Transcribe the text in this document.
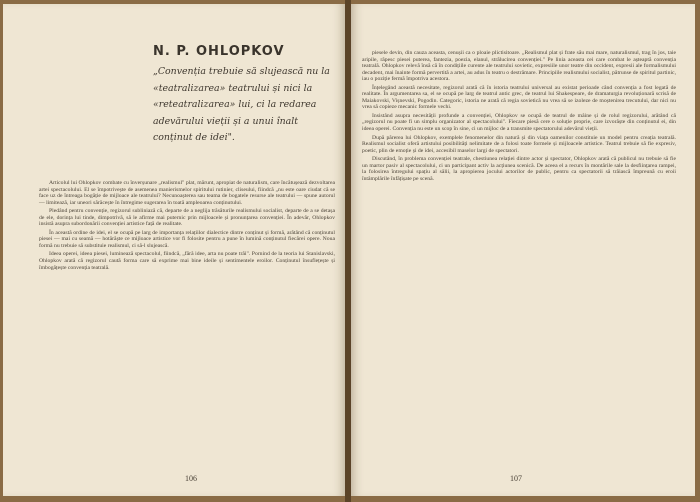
N. P. OHLOPKOV
„Convenția trebuie să slujească nu la «teatralizarea» teatrului și nici la «reteatralizarea» lui, ci la redarea adevărului vieții și a unui înalt conținut de idei".

Articolul lui Ohlopkov combate cu înverșunare „realismul" plat, mărunt, apropiat de naturalism, care încătușează dezvoltarea artei spectacolului. El se împotrivește de asemenea manierismelor spiritului rutinier, cliseului, fiindcă „nu este oare ciudat că se face uz de întreaga bogăție de mijloace ale teatrului? Necunoașterea sau teama de bogatele resurse ale teatrului — spune autorul — limitează, iar uneori sărăcește în întregime sugerarea în toată ampleoarea conținutului.

Pledând pentru convenție, regizorul subliniază că, departe de a neglija trăsăturile realismului socialist, departe de a se detașa de ele, dorința lui tinde, dimpotrivă, să le afirme mai puternic prin mijloacele și pronunțarea convenției. În adevăr, Ohlopkov insistă asupra subordonării convenției artistice față de realitate.

În această ordine de idei, el se ocupă pe larg de importanța relațiilor dialectice dintre conținut și formă, arătând că conținutul piesei — mai cu seamă — hotărăște ce mijloace artistice vor fi folosite pentru a pune în lumină conținutul fiecărei opere. Noua formă nu trebuie să substituie realismul, ci să-l slujească.

Ideea operei, ideea piesei, luminează spectacolul, fiindcă, „fără idee, arta nu poate trăi". Pornind de la teoria lui Stanislavski, Ohlopkov arată că regizorul caută forma care să exprime mai bine ideile și sentimentele eroilor. Conținutul însuflețește și îmbogățește convenția teatrală.

106

piesele devin, din cauza aceasta, cenușii ca o ploaie plictisitoare. „Realismul plat și frate său mai mare, naturalismul, trag în jos, taie aripile, răpesc piesei puterea, fantezia, poezia, elanul, strălucirea convenției." Pe linia aceasta cei care combat le așteaptă convenția teatrală. Ohlopkov relevă însă că în condițiile curente ale teatrului sovietic, expresiile unor teatre din occident, expresii ale formalismului decadent, mai înainte formă pervertită a artei, au adus în teatru o destrămare. Principiile realismului socialist, pătrunse de spiritul partinic, iau o poziție fermă împotriva acestora.

Înțelegând această necesitate, regizorul arată că în istoria teatrului universal au existat perioade când convenția a fost legată de realitate. În argumentarea sa, el se ocupă pe larg de teatrul antic grec, de teatrul lui Shakespeare, de dramaturgia revoluționară scrisă de Maiakovski, Vișnevski, Pogodin. Categoric, istoria ne arată că regia sovietică nu vrea să se izoleze de moștenirea trecutului, dar nici nu vrea să copieze mecanic formele vechi.

Insistând asupra necesității profunde a convenției, Ohlopkov se ocupă de teatrul de mâine și de rolul regizorului, arătând că „regizorul nu poate fi un simplu organizator al spectacolului". Fiecare piesă cere o soluție proprie, care izvorăște din conținutul ei, din ideea operei. Convenția nu este un scop în sine, ci un mijloc de a transmite spectatorului adevărul vieții.

După părerea lui Ohlopkov, exemplele fenomenelor din natură și din viața oamenilor constituie un model pentru creația teatrală. Realismul socialist oferă artistului posibilități nelimitate de a folosi toate formele și mijloacele artistice. Teatrul trebuie să fie expresiv, poetic, plin de emoție și de idei, accesibil maselor largi de spectatori.

Discutând, în problema convenției teatrale, chestiunea relației dintre actor și spectator, Ohlopkov arată că publicul nu trebuie să fie un martor pasiv al spectacolului, ci un participant activ la acțiunea scenică. De aceea el a recurs în montările sale la desființarea rampei, la folosirea întregului spațiu al sălii, la apropierea jocului actorilor de public, pentru ca spectatorii să trăiască împreună cu eroii întâmplările înfățișate pe scenă.

107
